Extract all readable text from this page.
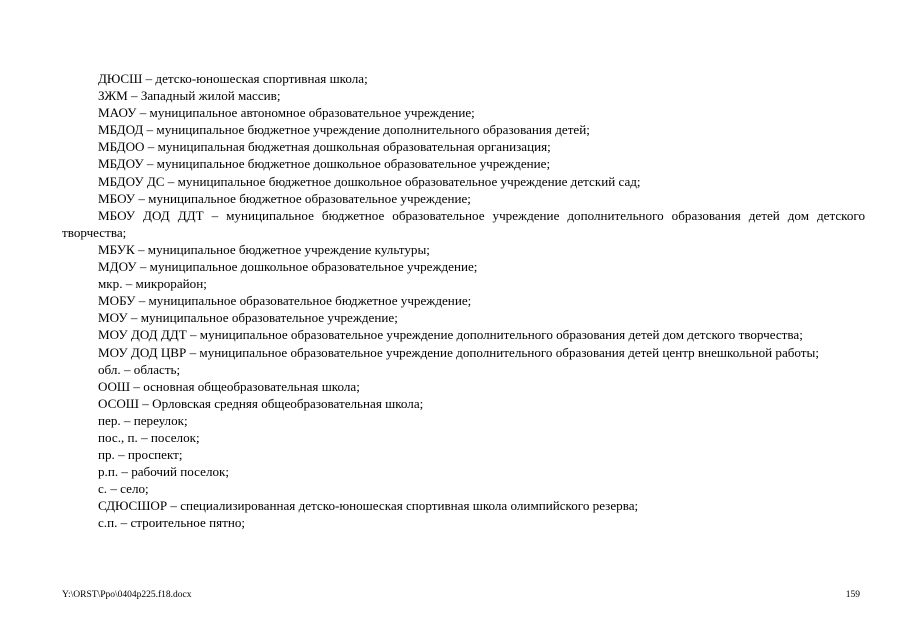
ДЮСШ – детско-юношеская спортивная школа;

ЗЖМ – Западный жилой массив;

МАОУ – муниципальное автономное образовательное учреждение;

МБДОД – муниципальное бюджетное учреждение дополнительного образования детей;

МБДОО – муниципальная бюджетная дошкольная образовательная организация;

МБДОУ – муниципальное бюджетное дошкольное образовательное учреждение;

МБДОУ ДС – муниципальное бюджетное дошкольное образовательное учреждение детский сад;

МБОУ – муниципальное бюджетное образовательное учреждение;

МБОУ ДОД ДДТ – муниципальное бюджетное образовательное учреждение дополнительного образования детей дом детского творчества;

МБУК – муниципальное бюджетное учреждение культуры;

МДОУ – муниципальное дошкольное образовательное учреждение;

мкр. – микрорайон;

МОБУ – муниципальное образовательное бюджетное учреждение;

МОУ – муниципальное образовательное учреждение;

МОУ ДОД ДДТ – муниципальное образовательное учреждение дополнительного образования детей дом детского творчества;

МОУ ДОД ЦВР – муниципальное образовательное учреждение дополнительного образования детей центр внешкольной работы;

обл. – область;

ООШ – основная общеобразовательная школа;

ОСОШ – Орловская средняя общеобразовательная школа;

пер. – переулок;

пос., п. – поселок;

пр. – проспект;

р.п. – рабочий поселок;

с. – село;

СДЮСШОР – специализированная детско-юношеская спортивная школа олимпийского резерва;

с.п. – строительное пятно;

Y:\ORST\Ppo\0404p225.f18.docx	159
